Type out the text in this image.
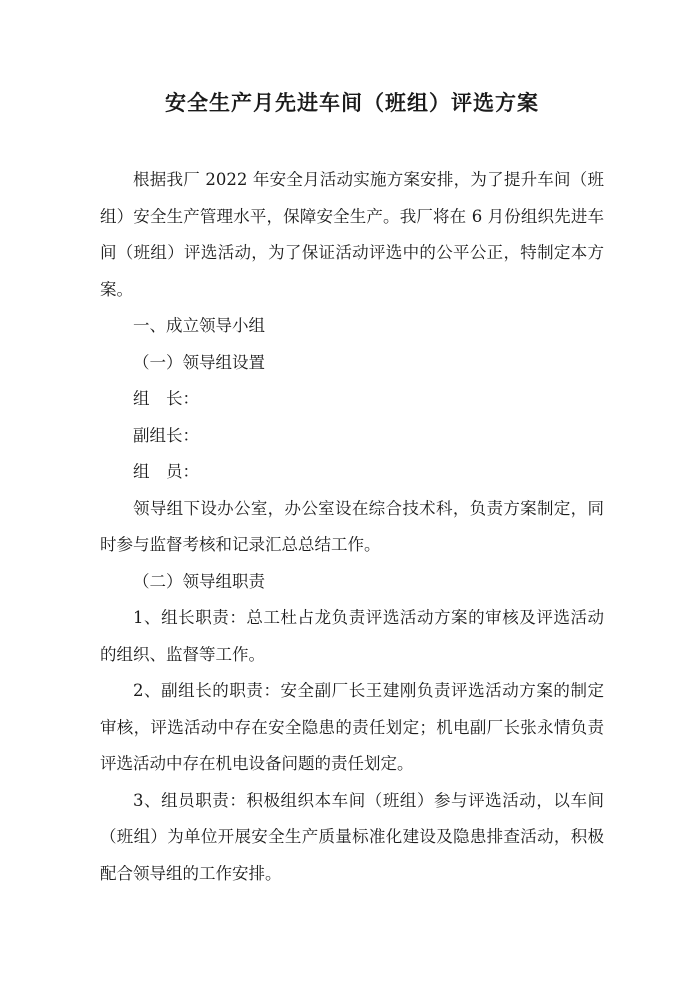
安全生产月先进车间（班组）评选方案

根据我厂 2022 年安全月活动实施方案安排，为了提升车间（班组）安全生产管理水平，保障安全生产。我厂将在 6 月份组织先进车间（班组）评选活动，为了保证活动评选中的公平公正，特制定本方案。

一、成立领导小组

（一）领导组设置

组　长：

副组长：

组　员：

领导组下设办公室，办公室设在综合技术科，负责方案制定，同时参与监督考核和记录汇总总结工作。

（二）领导组职责

1、组长职责：总工杜占龙负责评选活动方案的审核及评选活动的组织、监督等工作。

2、副组长的职责：安全副厂长王建刚负责评选活动方案的制定审核，评选活动中存在安全隐患的责任划定；机电副厂长张永情负责评选活动中存在机电设备问题的责任划定。

3、组员职责：积极组织本车间（班组）参与评选活动，以车间（班组）为单位开展安全生产质量标准化建设及隐患排查活动，积极配合领导组的工作安排。
